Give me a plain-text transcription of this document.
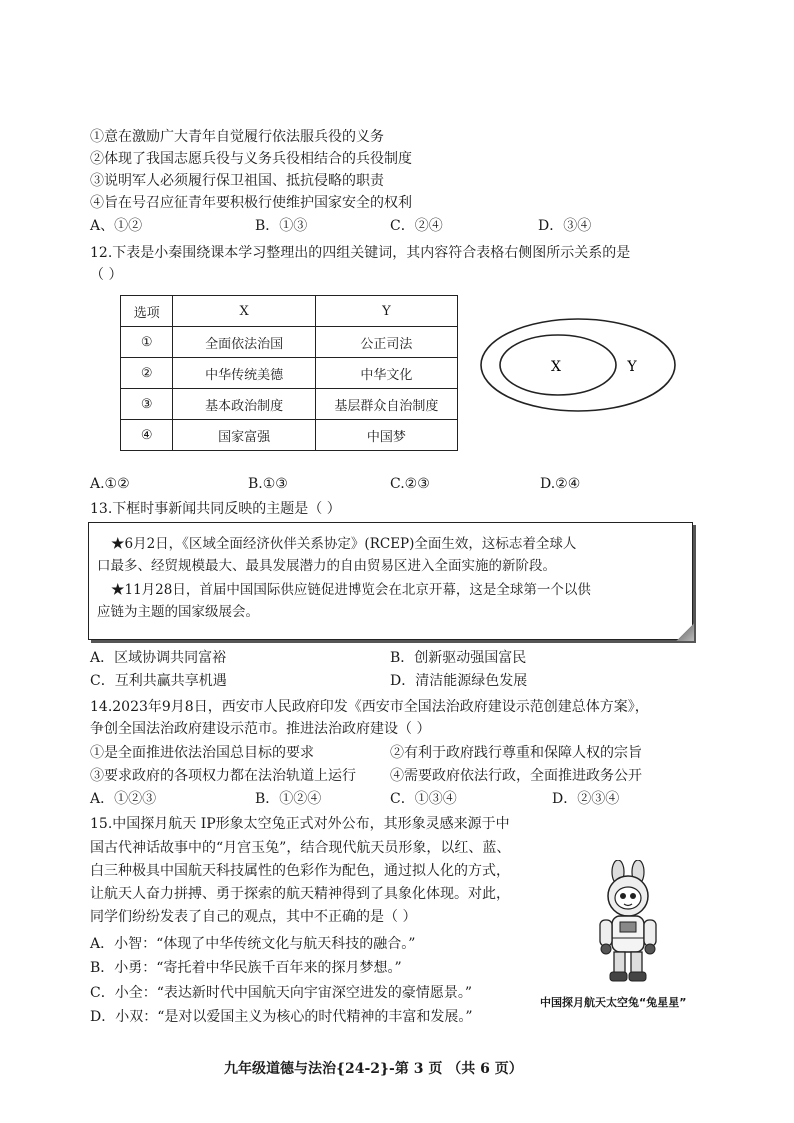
①意在激励广大青年自觉履行依法服兵役的义务
②体现了我国志愿兵役与义务兵役相结合的兵役制度
③说明军人必须履行保卫祖国、抵抗侵略的职责
④旨在号召应征青年要积极行使维护国家安全的权利
A、①②	B．①③	C．②④	D．③④
12.下表是小秦围绕课本学习整理出的四组关键词，其内容符合表格右侧图所示关系的是
（ ）
选项	X	Y
①	全面依法治国	公正司法
②	中华传统美德	中华文化
③	基本政治制度	基层群众自治制度
④	国家富强	中国梦
X	Y
A.①②	B.①③	C.②③	D.②④
13.下框时事新闻共同反映的主题是（ ）
★6月2日，《区域全面经济伙伴关系协定》(RCEP)全面生效，这标志着全球人
口最多、经贸规模最大、最具发展潜力的自由贸易区进入全面实施的新阶段。
★11月28日，首届中国国际供应链促进博览会在北京开幕，这是全球第一个以供
应链为主题的国家级展会。
A．区域协调共同富裕	B．创新驱动强国富民
C．互利共赢共享机遇	D．清洁能源绿色发展
14.2023年9月8日，西安市人民政府印发《西安市全国法治政府建设示范创建总体方案》，
争创全国法治政府建设示范市。推进法治政府建设（ ）
①是全面推进依法治国总目标的要求	②有利于政府践行尊重和保障人权的宗旨
③要求政府的各项权力都在法治轨道上运行 ④需要政府依法行政，全面推进政务公开
A．①②③	B．①②④	C．①③④	D．②③④
15.中国探月航天 IP形象太空兔正式对外公布，其形象灵感来源于中
国古代神话故事中的“月宫玉兔”，结合现代航天员形象，以红、蓝、
白三种极具中国航天科技属性的色彩作为配色，通过拟人化的方式，
让航天人奋力拼搏、勇于探索的航天精神得到了具象化体现。对此，
同学们纷纷发表了自己的观点，其中不正确的是（ ）
A．小智：“体现了中华传统文化与航天科技的融合。”
B．小勇：“寄托着中华民族千百年来的探月梦想。”
C．小全：“表达新时代中国航天向宇宙深空进发的豪情愿景。”
D．小双：“是对以爱国主义为核心的时代精神的丰富和发展。”
中国探月航天太空兔“兔星星”
九年级道德与法治{24-2}-第 3 页 （共 6 页）
